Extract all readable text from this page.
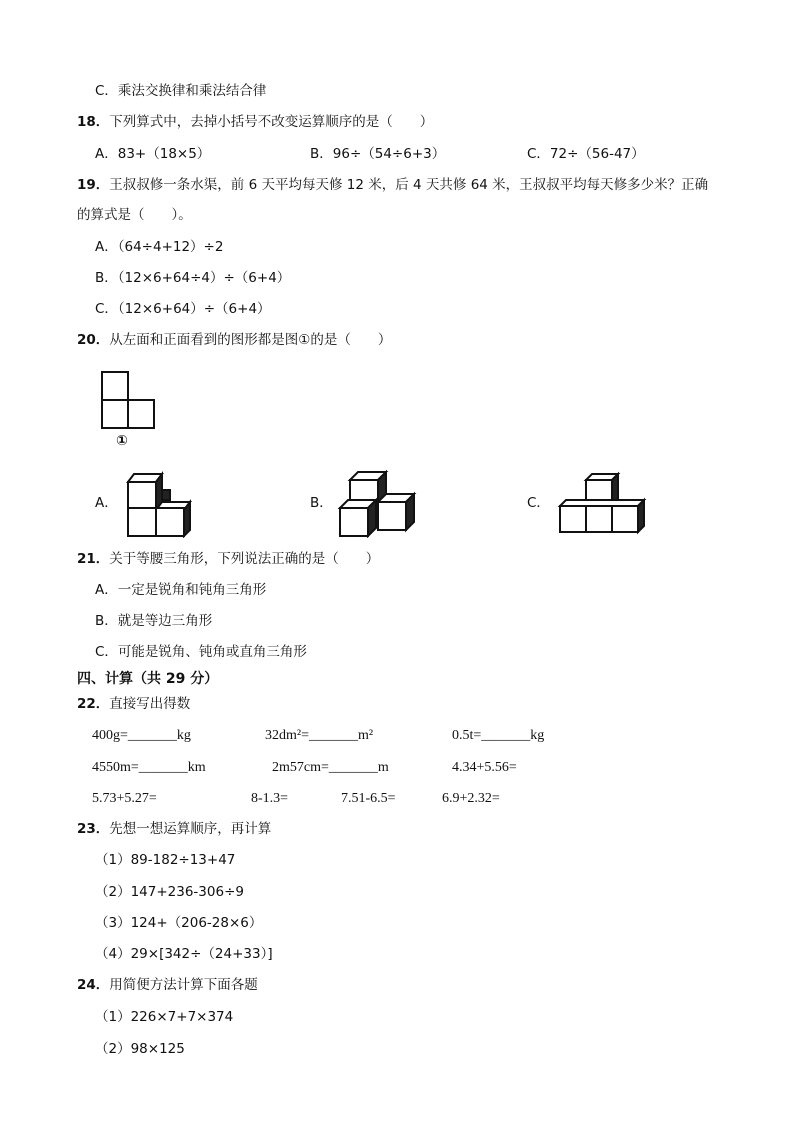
C．乘法交换律和乘法结合律
18．下列算式中，去掉小括号不改变运算顺序的是（　　）
A．83+（18×5）	B．96÷（54÷6+3）	C．72÷（56-47）
19．王叔叔修一条水渠，前 6 天平均每天修 12 米，后 4 天共修 64 米，王叔叔平均每天修多少米？正确
的算式是（　　）。
A．（64÷4+12）÷2
B．（12×6+64÷4）÷（6+4）
C．（12×6+64）÷（6+4）
20．从左面和正面看到的图形都是图①的是（　　）
①
A．	B．	C．
21．关于等腰三角形，下列说法正确的是（　　）
A．一定是锐角和钝角三角形
B．就是等边三角形
C．可能是锐角、钝角或直角三角形
四、计算（共 29 分）
22．直接写出得数
400g=_______kg	32dm²=_______m²	0.5t=_______kg
4550m=_______km	2m57cm=_______m	4.34+5.56=
5.73+5.27=	8-1.3=	7.51-6.5=	6.9+2.32=
23．先想一想运算顺序，再计算
（1）89-182÷13+47
（2）147+236-306÷9
（3）124+（206-28×6）
（4）29×[342÷（24+33）]
24．用简便方法计算下面各题
（1）226×7+7×374
（2）98×125
